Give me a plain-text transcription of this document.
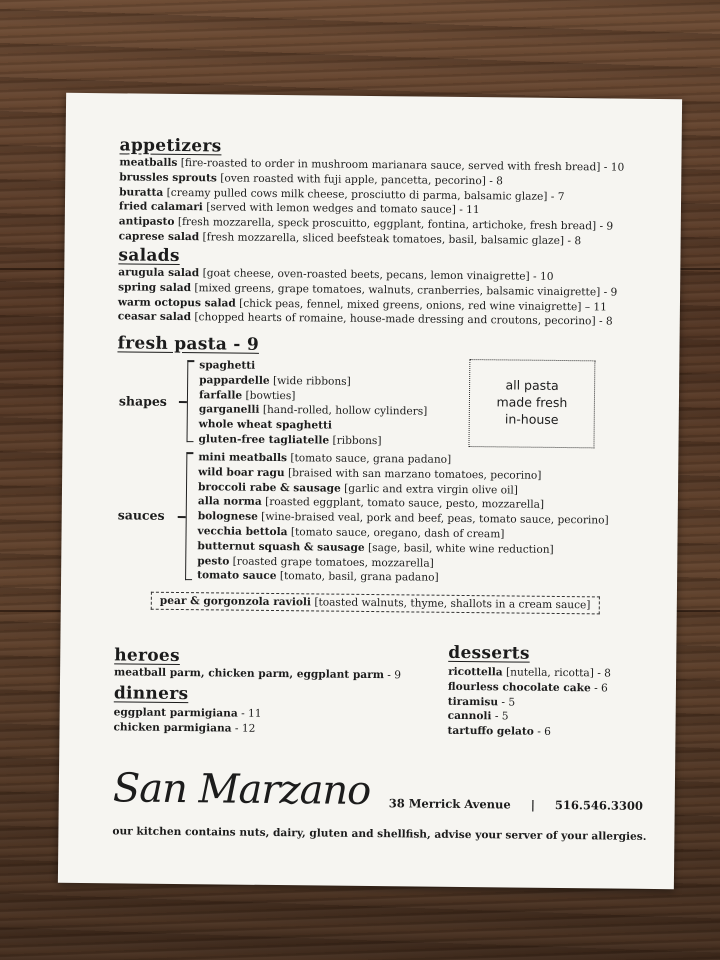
appetizers
meatballs [fire-roasted to order in mushroom marianara sauce, served with fresh bread] - 10
brussles sprouts [oven roasted with fuji apple, pancetta, pecorino] - 8
buratta [creamy pulled cows milk cheese, prosciutto di parma, balsamic glaze] - 7
fried calamari [served with lemon wedges and tomato sauce] - 11
antipasto [fresh mozzarella, speck proscuitto, eggplant, fontina, artichoke, fresh bread] - 9
caprese salad [fresh mozzarella, sliced beefsteak tomatoes, basil, balsamic glaze] - 8
salads
arugula salad [goat cheese, oven-roasted beets, pecans, lemon vinaigrette] - 10
spring salad [mixed greens, grape tomatoes, walnuts, cranberries, balsamic vinaigrette] - 9
warm octopus salad [chick peas, fennel, mixed greens, onions, red wine vinaigrette] – 11
ceasar salad [chopped hearts of romaine, house-made dressing and croutons, pecorino] - 8
fresh pasta - 9
shapes
spaghetti
pappardelle [wide ribbons]
farfalle [bowties]
garganelli [hand-rolled, hollow cylinders]
whole wheat spaghetti
gluten-free tagliatelle [ribbons]
all pasta
made fresh
in-house
sauces
mini meatballs [tomato sauce, grana padano]
wild boar ragu [braised with san marzano tomatoes, pecorino]
broccoli rabe & sausage [garlic and extra virgin olive oil]
alla norma [roasted eggplant, tomato sauce, pesto, mozzarella]
bolognese [wine-braised veal, pork and beef, peas, tomato sauce, pecorino]
vecchia bettola [tomato sauce, oregano, dash of cream]
butternut squash & sausage [sage, basil, white wine reduction]
pesto [roasted grape tomatoes, mozzarella]
tomato sauce [tomato, basil, grana padano]
pear & gorgonzola ravioli [toasted walnuts, thyme, shallots in a cream sauce]
heroes
meatball parm, chicken parm, eggplant parm - 9
dinners
eggplant parmigiana - 11
chicken parmigiana - 12
desserts
ricottella [nutella, ricotta] - 8
flourless chocolate cake - 6
tiramisu - 5
cannoli - 5
tartuffo gelato - 6
San Marzano 38 Merrick Avenue | 516.546.3300
our kitchen contains nuts, dairy, gluten and shellfish, advise your server of your allergies.
